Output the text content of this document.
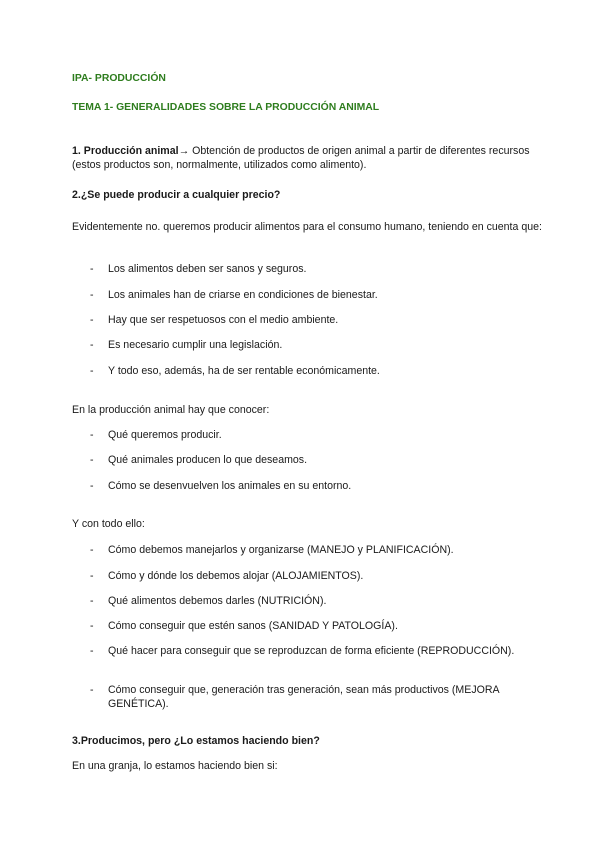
IPA- PRODUCCIÓN
TEMA 1- GENERALIDADES SOBRE LA PRODUCCIÓN ANIMAL
1. Producción animal→ Obtención de productos de origen animal a partir de diferentes recursos (estos productos son, normalmente, utilizados como alimento).
2.¿Se puede producir a cualquier precio?
Evidentemente no. queremos producir alimentos para el consumo humano, teniendo en cuenta que:
- Los alimentos deben ser sanos y seguros.
- Los animales han de criarse en condiciones de bienestar.
- Hay que ser respetuosos con el medio ambiente.
- Es necesario cumplir una legislación.
- Y todo eso, además, ha de ser rentable económicamente.
En la producción animal hay que conocer:
- Qué queremos producir.
- Qué animales producen lo que deseamos.
- Cómo se desenvuelven los animales en su entorno.
Y con todo ello:
- Cómo debemos manejarlos y organizarse (MANEJO y PLANIFICACIÓN).
- Cómo y dónde los debemos alojar (ALOJAMIENTOS).
- Qué alimentos debemos darles (NUTRICIÓN).
- Cómo conseguir que estén sanos (SANIDAD Y PATOLOGÍA).
- Qué hacer para conseguir que se reproduzcan de forma eficiente (REPRODUCCIÓN).
- Cómo conseguir que, generación tras generación, sean más productivos (MEJORA GENÉTICA).
3.Producimos, pero ¿Lo estamos haciendo bien?
En una granja, lo estamos haciendo bien si:
